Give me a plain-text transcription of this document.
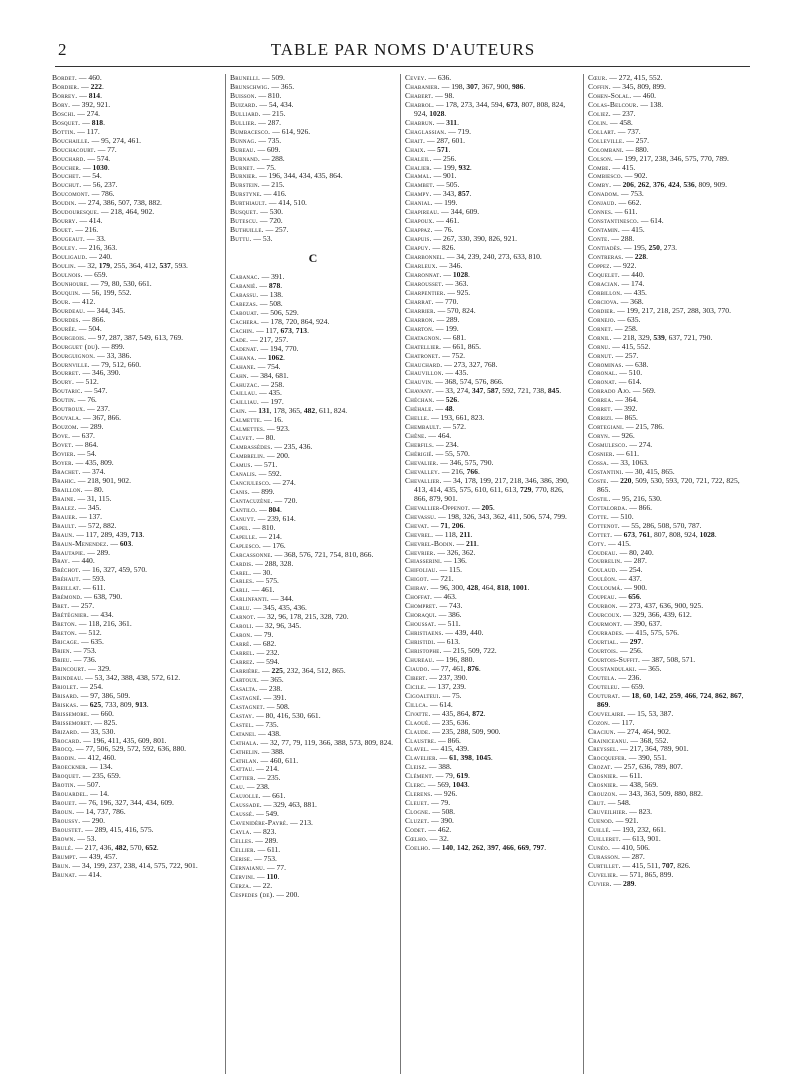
2	TABLE PAR NOMS D'AUTEURS
Bordet. — 460.
Bordier. — 222.
Borrey. — 814.
Bory. — 392, 921.
Boschi. — 274.
Bosquet. — 818.
Bottin. — 117.
Bouchaille. — 95, 274, 461.
Bouchacourt. — 77.
Bouchard. — 574.
Boucher. — 1030.
Bouchet. — 54.
Bouchut. — 56, 237.
Boucomont. — 786.
Boudin. — 274, 386, 507, 738, 882.
Boudouresque. — 218, 464, 902.
Bourry. — 414.
Bouet. — 216.
Bougeaut. — 33.
Bouley. — 216, 363.
Bouligaud. — 240.
Boulin. — 32, 179, 255, 364, 412, 537, 593.
Boulnois. — 659.
Bounhoure. — 79, 80, 530, 661.
Bouquin. — 56, 199, 552.
Bour. — 412.
Bourdeau. — 344, 345.
Bourdes. — 866.
Bourée. — 504.
Bourgeois. — 97, 287, 387, 549, 613, 769.
Bourguet (du). — 899.
Bourguignon. — 33, 386.
Bournville. — 79, 512, 660.
Bourret. — 346, 390.
Boury. — 512.
Boutaric. — 547.
Boutin. — 76.
Boutroux. — 237.
Bouyala. — 367, 866.
Bouzom. — 289.
Bove. — 637.
Bovet. — 864.
Bovier. — 54.
Boyer. — 435, 809.
Brachet. — 374.
Brahic. — 218, 901, 902.
Braillon. — 80.
Braine. — 31, 115.
Bralez. — 345.
Brauer. — 137.
Brault. — 572, 882.
Braun. — 117, 289, 439, 713.
Braun-Menendez. — 603.
Brautapie. — 289.
Bray. — 440.
Bréchot. — 16, 327, 459, 570.
Bréhaut. — 593.
Breillat. — 611.
Brémond. — 638, 790.
Bret. — 257.
Brétégnier. — 434.
Breton. — 118, 216, 361.
Breton. — 512.
Bricage. — 635.
Brien. — 753.
Brieu. — 736.
Brincourt. — 329.
Brindeau. — 53, 342, 388, 438, 572, 612.
Briolet. — 254.
Brisard. — 97, 386, 509.
Briskas. — 625, 733, 809, 913.
Brissemore. — 660.
Brissemoret. — 825.
Brizard. — 33, 530.
Brocard. — 196, 411, 435, 609, 801.
Brocq. — 77, 506, 529, 572, 592, 636, 880.
Brodin. — 412, 460.
Broeckner. — 134.
Broquet. — 235, 659.
Brotin. — 507.
Brouardel. — 14.
Brouet. — 76, 196, 327, 344, 434, 609.
Broun. — 14, 737, 786.
Broussy. — 290.
Broustet. — 289, 415, 416, 575.
Brown. — 53.
Brulé. — 217, 436, 482, 570, 652.
Brumpt. — 439, 457.
Brun. — 34, 199, 237, 238, 414, 575, 722, 901.
Brunat. — 414.
Brunelli. — 509.
Brunschwig. — 365.
Buisson. — 810.
Buizard. — 54, 434.
Bulliard. — 215.
Bullier. — 287.
Bumbacesco. — 614, 926.
Bunnag. — 735.
Bureau. — 609.
Burnand. — 288.
Burnet. — 75.
Burnier. — 196, 344, 434, 435, 864.
Burstein. — 215.
Burstyne. — 416.
Burthiault. — 414, 510.
Busquet. — 530.
Butescu. — 720.
Buthuille. — 257.
Buttu. — 53.
C
Cabanac. — 391.
Cabanié. — 878.
Cabassu. — 138.
Cabezas. — 508.
Cabouat. — 506, 529.
Cachera. — 178, 720, 864, 924.
Cachin. — 117, 673, 713.
Cade. — 217, 257.
Cadenat. — 194, 770.
Cahana. — 1062.
Cahane. — 754.
Cahn. — 384, 681.
Cahuzac. — 258.
Caillau. — 435.
Cailliau. — 197.
Cain. — 131, 178, 365, 482, 611, 824.
Calmette. — 16.
Calmettes. — 923.
Calvet. — 80.
Cambassèdes. — 235, 436.
Cambrelin. — 200.
Camus. — 571.
Canalis. — 592.
Canciulesco. — 274.
Canis. — 899.
Cantacuzène. — 720.
Cantilo. — 804.
Canuyt. — 239, 614.
Capel. — 810.
Capelle. — 214.
Caplesco. — 176.
Carcassonne. — 368, 576, 721, 754, 810, 866.
Cardis. — 288, 328.
Carel. — 30.
Carles. — 575.
Carli. — 461.
Carlinfanti. — 344.
Carlu. — 345, 435, 436.
Carnot. — 32, 96, 178, 215, 328, 720.
Caroli. — 32, 96, 345.
Caron. — 79.
Carré. — 682.
Carrel. — 232.
Carrez. — 594.
Carrière. — 225, 232, 364, 512, 865.
Cartoux. — 365.
Casalta. — 238.
Castagné. — 391.
Castagnet. — 508.
Castay. — 80, 416, 530, 661.
Castel. — 735.
Catanei. — 438.
Cathala. — 32, 77, 79, 119, 366, 388, 573, 809, 824.
Cathelin. — 388.
Cathlan. — 460, 611.
Cattau. — 214.
Cattier. — 235.
Cau. — 238.
Caujolle. — 661.
Caussade. — 329, 463, 881.
Caussé. — 549.
Cavenidère-Payré. — 213.
Cayla. — 823.
Celles. — 289.
Cellier. — 611.
Cerise. — 753.
Cernaianu. — 77.
Cervini. — 110.
Cerza. — 22.
Cespedes (de). — 200.
Cevey. — 636.
Chabanier. — 198, 307, 367, 900, 986.
Chabert. — 98.
Chabrol. — 178, 273, 344, 594, 673, 807, 808, 824, 924, 1028.
Chabrun. — 311.
Chaglassian. — 719.
Chait. — 287, 601.
Chaix. — 571.
Chaleil. — 256.
Chalier. — 199, 932.
Chamal. — 901.
Chambet. — 505.
Champy. — 343, 857.
Chanial. — 199.
Chapireau. — 344, 609.
Chapoux. — 461.
Chappaz. — 76.
Chapuis. — 267, 330, 390, 826, 921.
Chapuy. — 826.
Charbonnel. — 34, 239, 240, 273, 633, 810.
Charleux. — 346.
Charonnat. — 1028.
Charousset. — 363.
Charpentier. — 925.
Charrat. — 770.
Charrier. — 570, 824.
Charron. — 289.
Charton. — 199.
Chatagnon. — 681.
Chatellier. — 661, 865.
Chatronet. — 752.
Chauchard. — 273, 327, 768.
Chauvillon. — 435.
Chauvin. — 368, 574, 576, 866.
Chavany. — 33, 274, 347, 587, 592, 721, 738, 845.
Chéchan. — 526.
Chéhale. — 48.
Chelle. — 193, 661, 823.
Chembault. — 572.
Chêne. — 464.
Cherfils. — 234.
Chérigié. — 55, 570.
Chevalier. — 346, 575, 790.
Chevalley. — 216, 766.
Chevallier. — 34, 178, 199, 217, 218, 346, 386, 390, 413, 414, 435, 575, 610, 611, 613, 729, 770, 826, 866, 879, 901.
Chevallier-Oppenot. — 205.
Chevassu. — 198, 326, 343, 362, 411, 506, 574, 799.
Chevat. — 71, 206.
Chevrel. — 118, 211.
Chevrel-Bodin. — 211.
Chevrier. — 326, 362.
Chiasserini. — 136.
Chifoliau. — 115.
Chigot. — 721.
Chiray. — 96, 300, 428, 464, 818, 1001.
Choffat. — 463.
Chompret. — 743.
Choraqui. — 386.
Choussat. — 511.
Christiaens. — 439, 440.
Christidi. — 613.
Christophe. — 215, 509, 722.
Chureau. — 196, 880.
Ciaudo. — 77, 461, 876.
Cibert. — 237, 390.
Cicile. — 137, 239.
Cigoalteui. — 75.
Cillca. — 614.
Civatte. — 435, 864, 872.
Claoué. — 235, 636.
Claude. — 235, 288, 509, 900.
Claustre. — 866.
Clavel. — 415, 439.
Clavelier. — 61, 398, 1045.
Cleisz. — 388.
Clément. — 79, 619.
Clerc. — 569, 1043.
Clerens. — 926.
Cleuet. — 79.
Clogne. — 508.
Cluzet. — 390.
Codet. — 462.
Cœlho. — 32.
Coelho. — 140, 142, 262, 397, 466, 669, 797.
Cœur. — 272, 415, 552.
Coffin. — 345, 809, 899.
Cohen-Solal. — 460.
Colas-Belcour. — 138.
Coliez. — 237.
Colin. — 458.
Collart. — 737.
Colleville. — 257.
Colombani. — 880.
Colson. — 199, 217, 238, 346, 575, 770, 789.
Combe. — 415.
Combiesco. — 902.
Comby. — 206, 262, 376, 424, 536, 809, 909.
Conadom. — 753.
Conjaud. — 662.
Connes. — 611.
Constantinesco. — 614.
Contamin. — 415.
Conte. — 288.
Contiadès. — 195, 250, 273.
Contreras. — 228.
Coppez. — 922.
Coquelet. — 440.
Coracian. — 174.
Corbillon. — 435.
Corciova. — 368.
Cordier. — 199, 217, 218, 257, 288, 303, 770.
Cornejo. — 635.
Cornet. — 258.
Cornil. — 218, 329, 539, 637, 721, 790.
Cornu. — 415, 552.
Cornut. — 257.
Corominas. — 638.
Coronal. — 510.
Coronat. — 614.
Corrado Ajo. — 569.
Correa. — 364.
Corret. — 392.
Corrizi. — 865.
Cortegiani. — 215, 786.
Coryn. — 926.
Cosmulesco. — 274.
Cosnier. — 611.
Cossa. — 33, 1063.
Costantini. — 30, 415, 865.
Coste. — 220, 509, 530, 593, 720, 721, 722, 825, 865.
Costil. — 95, 216, 530.
Cottalorda. — 866.
Cotte. — 510.
Cottenot. — 55, 286, 508, 570, 787.
Cottet. — 673, 761, 807, 808, 924, 1028.
Coty. — 415.
Coudeau. — 80, 240.
Coubrelin. — 287.
Coulaud. — 254.
Couléon. — 437.
Couloumá. — 900.
Coupeau. — 656.
Courbon. — 273, 437, 636, 900, 925.
Courcoux. — 329, 366, 439, 612.
Courmont. — 390, 637.
Courrades. — 415, 575, 576.
Courtial. — 297.
Courtois. — 256.
Courtois-Suffit. — 387, 508, 571.
Coustandulaki. — 365.
Coutela. — 236.
Couteleu. — 659.
Couturat. — 18, 60, 142, 259, 466, 724, 862, 867, 869.
Couvelaire. — 15, 53, 387.
Cozon. — 117.
Craciun. — 274, 464, 902.
Crainiceanu. — 368, 552.
Creyssel. — 217, 364, 789, 901.
Crocquefer. — 390, 551.
Crozat. — 257, 636, 789, 807.
Crosnier. — 611.
Crosnier. — 438, 569.
Crouzon. — 343, 363, 509, 880, 882.
Crut. — 548.
Cruveilhier. — 823.
Cuenod. — 921.
Cuillé. — 193, 232, 661.
Cuilleret. — 613, 901.
Cunéo. — 410, 506.
Curasson. — 287.
Curtillet. — 415, 511, 707, 826.
Cuvelier. — 571, 865, 899.
Cuvier. — 289.
